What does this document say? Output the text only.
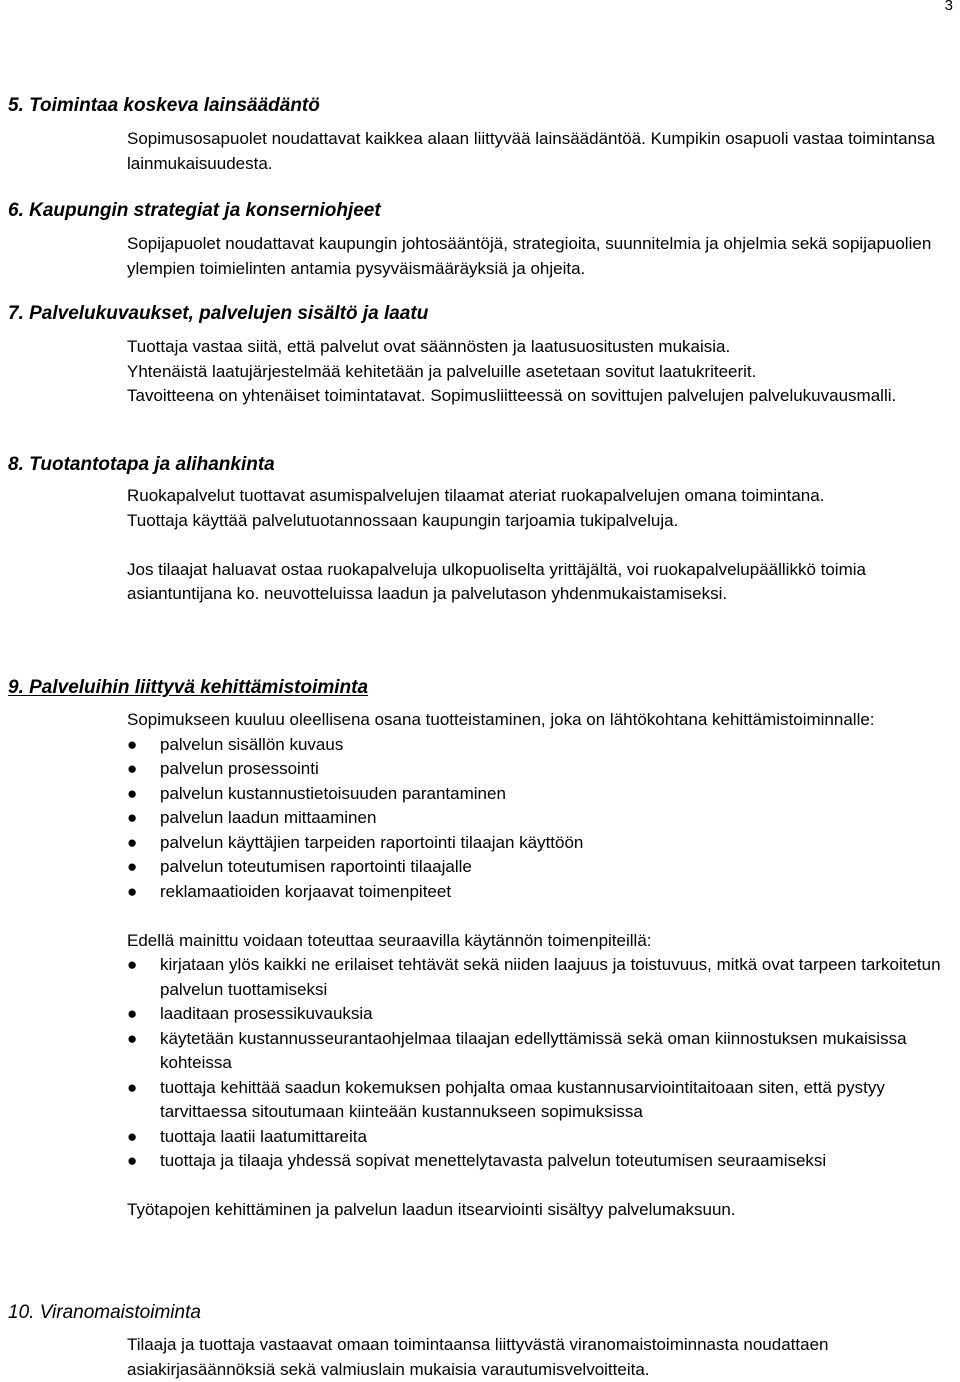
3
5. Toimintaa koskeva lainsäädäntö

Sopimusosapuolet noudattavat kaikkea alaan liittyvää lainsäädäntöä. Kumpikin osapuoli vastaa toimintansa lainmukaisuudesta.

6. Kaupungin strategiat ja konserniohjeet

Sopijapuolet noudattavat kaupungin johtosääntöjä, strategioita, suunnitelmia ja ohjelmia sekä sopijapuolien ylempien toimielinten antamia pysyväismääräyksiä ja ohjeita.

7. Palvelukuvaukset, palvelujen sisältö ja laatu

Tuottaja vastaa siitä, että palvelut ovat säännösten ja laatusuositusten mukaisia.

Yhtenäistä laatujärjestelmää kehitetään ja palveluille asetetaan sovitut laatukriteerit.

Tavoitteena on yhtenäiset toimintatavat. Sopimusliitteessä on sovittujen palvelujen palvelukuvausmalli.

8. Tuotantotapa ja alihankinta

Ruokapalvelut tuottavat asumispalvelujen tilaamat ateriat ruokapalvelujen omana toimintana.

Tuottaja käyttää palvelutuotannossaan kaupungin tarjoamia tukipalveluja.

Jos tilaajat haluavat ostaa ruokapalveluja ulkopuoliselta yrittäjältä, voi ruokapalvelupäällikkö toimia asiantuntijana ko. neuvotteluissa laadun ja palvelutason yhdenmukaistamiseksi.

9. Palveluihin liittyvä kehittämistoiminta

Sopimukseen kuuluu oleellisena osana tuotteistaminen, joka on lähtökohtana kehittämistoiminnalle:

● palvelun sisällön kuvaus
● palvelun prosessointi
● palvelun kustannustietoisuuden parantaminen
● palvelun laadun mittaaminen
● palvelun käyttäjien tarpeiden raportointi tilaajan käyttöön
● palvelun toteutumisen raportointi tilaajalle
● reklamaatioiden korjaavat toimenpiteet

Edellä mainittu voidaan toteuttaa seuraavilla käytännön toimenpiteillä:

● kirjataan ylös kaikki ne erilaiset tehtävät sekä niiden laajuus ja toistuvuus, mitkä ovat tarpeen tarkoitetun palvelun tuottamiseksi
● laaditaan prosessikuvauksia
● käytetään kustannusseurantaohjelmaa tilaajan edellyttämissä sekä oman kiinnostuksen mukaisissa kohteissa
● tuottaja kehittää saadun kokemuksen pohjalta omaa kustannusarviointitaitoaan siten, että pystyy tarvittaessa sitoutumaan kiinteään kustannukseen sopimuksissa
● tuottaja laatii laatumittareita
● tuottaja ja tilaaja yhdessä sopivat menettelytavasta palvelun toteutumisen seuraamiseksi

Työtapojen kehittäminen ja palvelun laadun itsearviointi sisältyy palvelumaksuun.

10. Viranomaistoiminta

Tilaaja ja tuottaja vastaavat omaan toimintaansa liittyvästä viranomaistoiminnasta noudattaen asiakirjasäännöksiä sekä valmiuslain mukaisia varautumisvelvoitteita.
